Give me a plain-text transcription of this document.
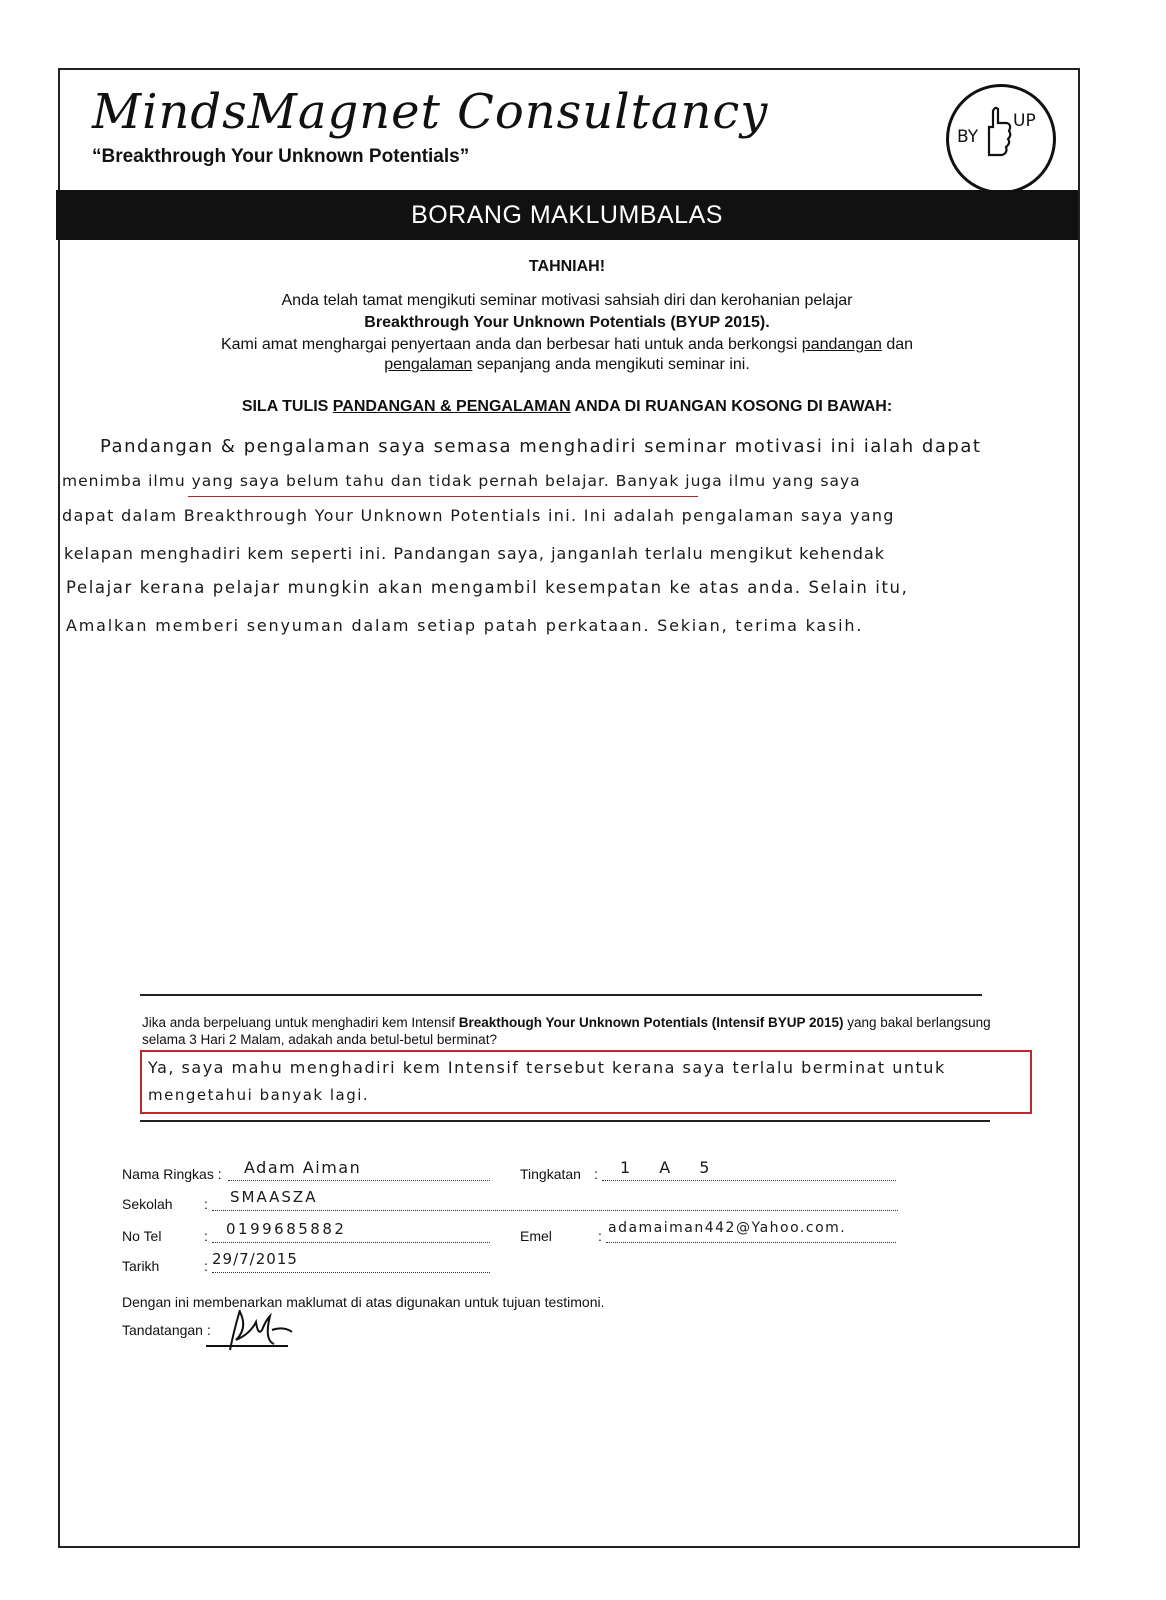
MindsMagnet Consultancy
“Breakthrough Your Unknown Potentials”
BY
UP
BORANG MAKLUMBALAS
TAHNIAH!
Anda telah tamat mengikuti seminar motivasi sahsiah diri dan kerohanian pelajar
Breakthrough Your Unknown Potentials (BYUP 2015).
Kami amat menghargai penyertaan anda dan berbesar hati untuk anda berkongsi pandangan dan
pengalaman sepanjang anda mengikuti seminar ini.
SILA TULIS PANDANGAN & PENGALAMAN ANDA DI RUANGAN KOSONG DI BAWAH:
Pandangan & pengalaman saya semasa menghadiri seminar motivasi ini ialah dapat
menimba ilmu yang saya belum tahu dan tidak pernah belajar. Banyak juga ilmu yang saya
dapat dalam Breakthrough Your Unknown Potentials ini. Ini adalah pengalaman saya yang
kelapan menghadiri kem seperti ini. Pandangan saya, janganlah terlalu mengikut kehendak
Pelajar kerana pelajar mungkin akan mengambil kesempatan ke atas anda. Selain itu,
Amalkan memberi senyuman dalam setiap patah perkataan. Sekian, terima kasih.
Jika anda berpeluang untuk menghadiri kem Intensif Breakthough Your Unknown Potentials (Intensif BYUP 2015) yang bakal berlangsung selama 3 Hari 2 Malam, adakah anda betul-betul berminat?
Ya, saya mahu menghadiri kem Intensif tersebut kerana saya terlalu berminat untuk
mengetahui banyak lagi.
Nama Ringkas : Adam Aiman	Tingkatan : 1 A 5
Sekolah : SMAASZA
No Tel	: 0199685882	Emel	: adamaiman442@Yahoo.com.
Tarikh	: 29/7/2015
Dengan ini membenarkan maklumat di atas digunakan untuk tujuan testimoni.
Tandatangan :
